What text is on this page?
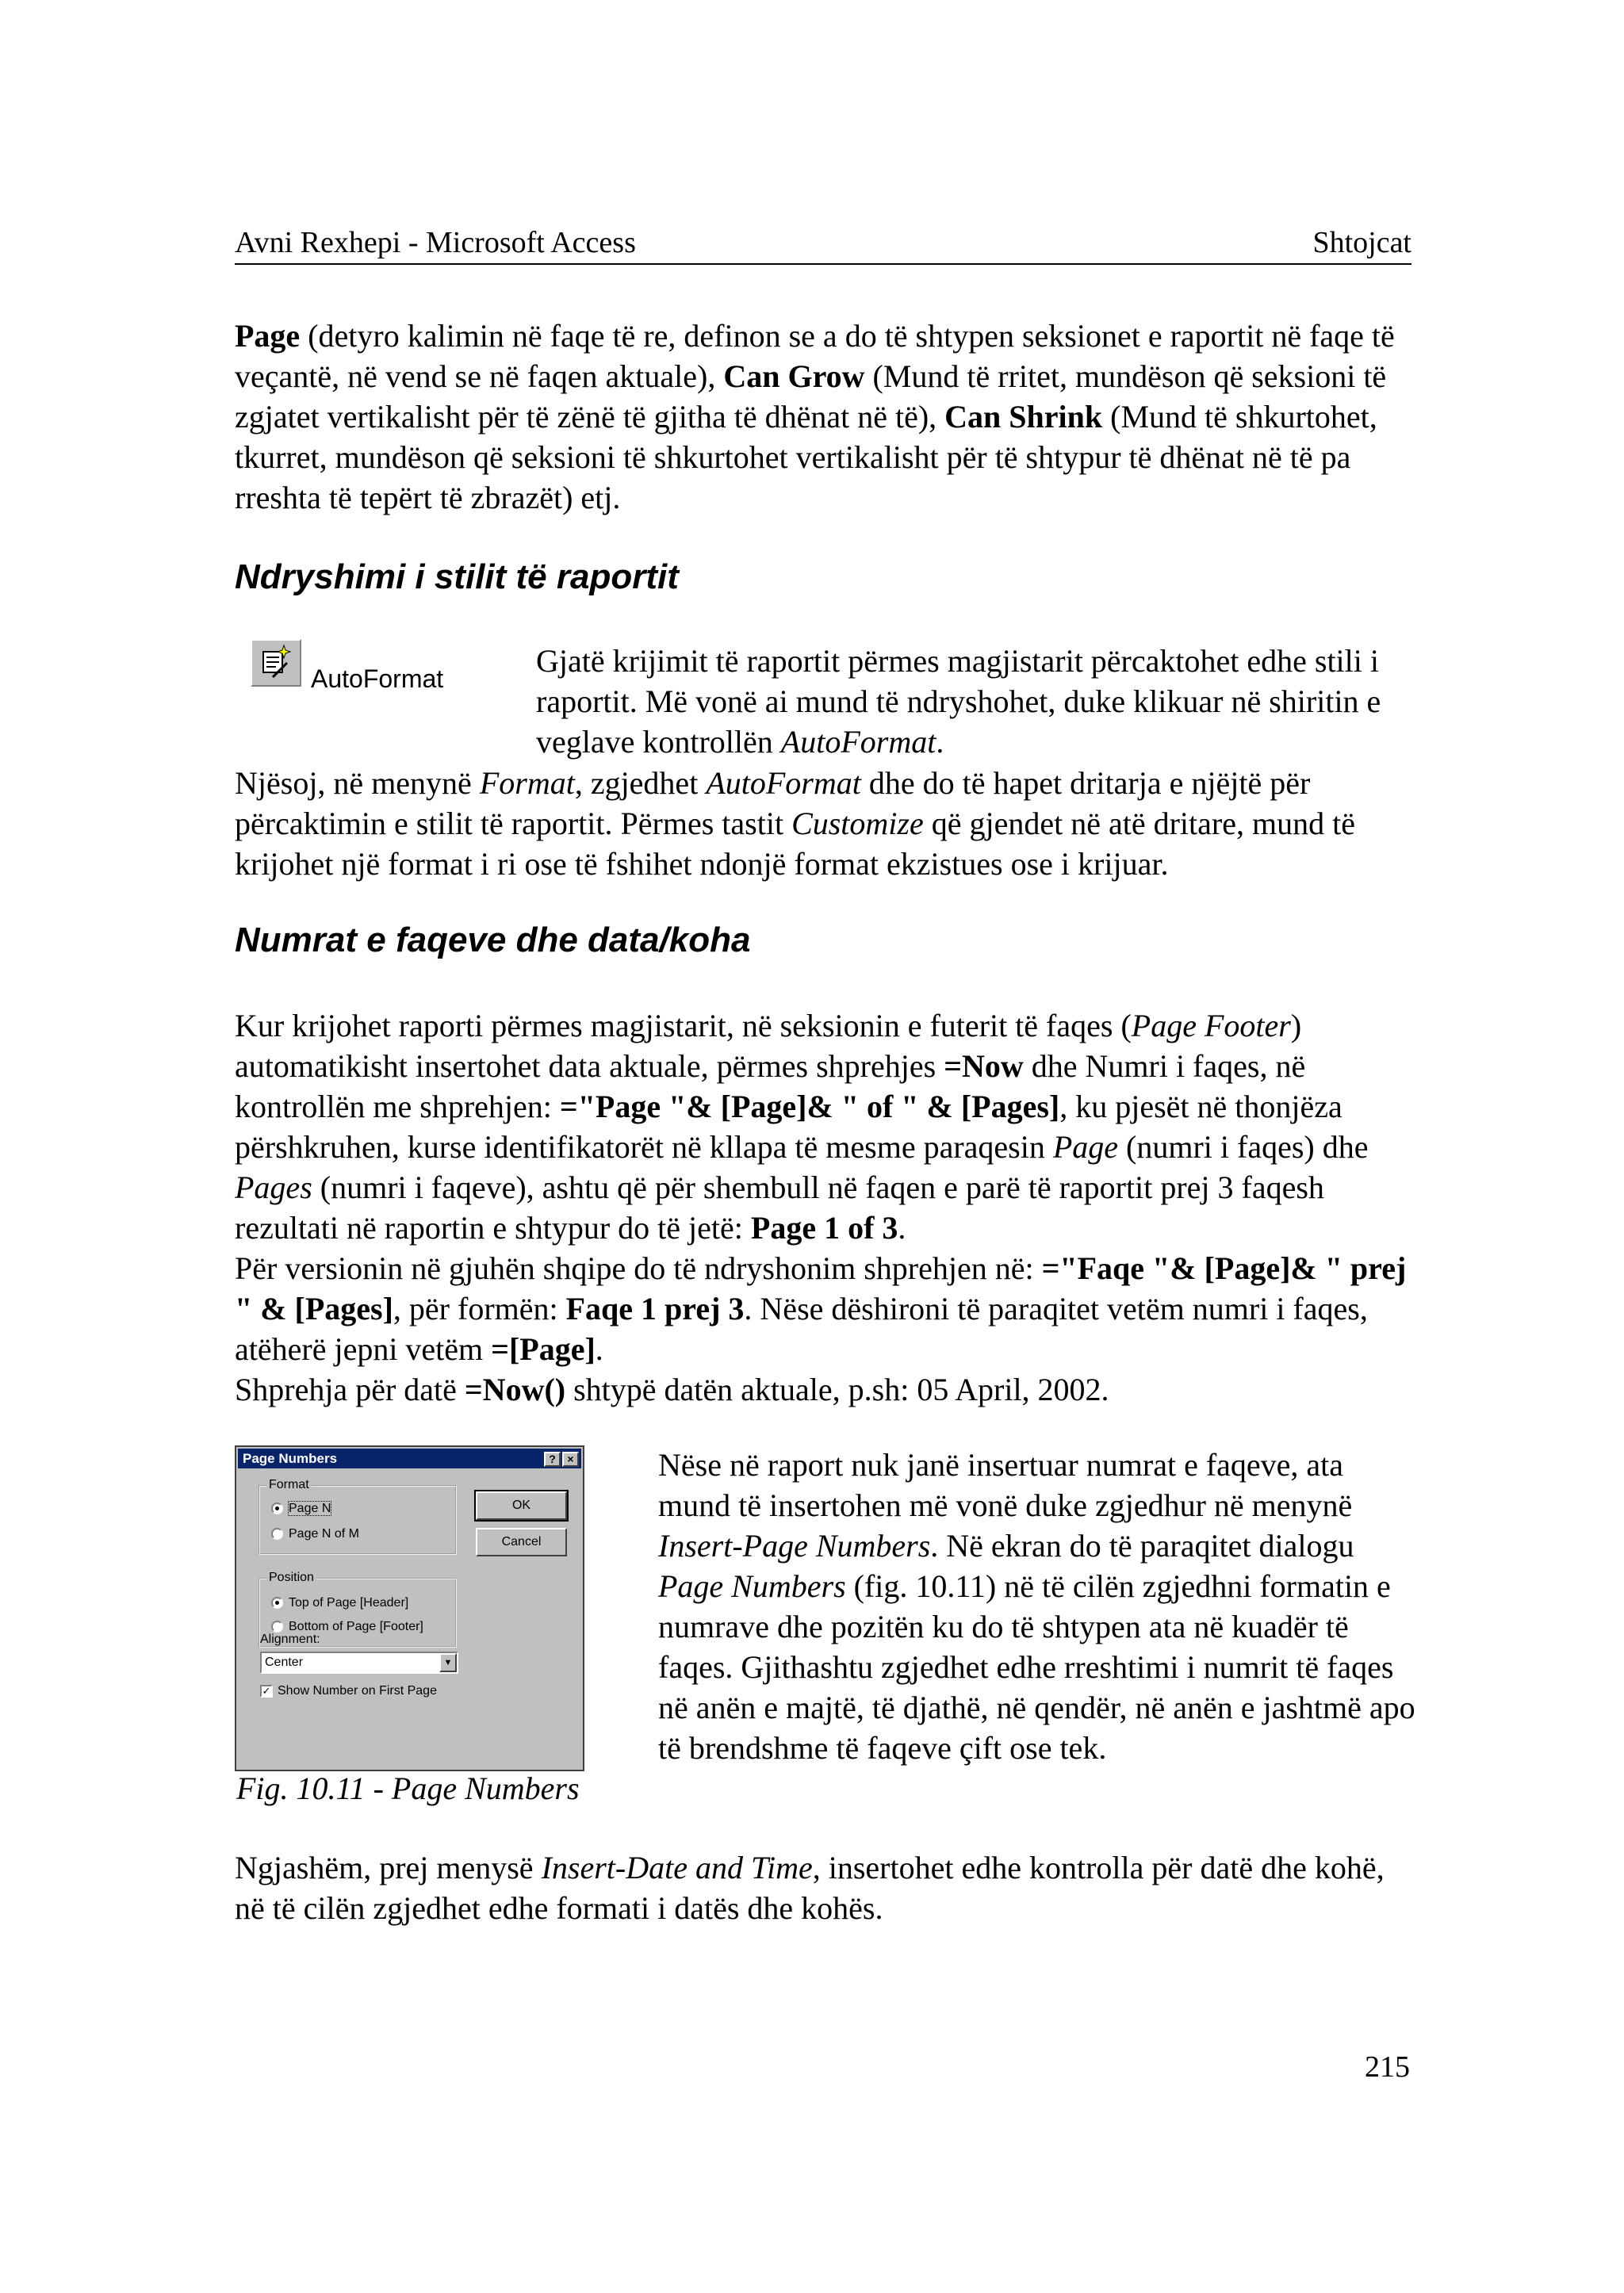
Avni Rexhepi - Microsoft Access	Shtojcat

Page (detyro kalimin në faqe të re, definon se a do të shtypen seksionet e raportit në faqe të veçantë, në vend se në faqen aktuale), Can Grow (Mund të rritet, mundëson që seksioni të zgjatet vertikalisht për të zënë të gjitha të dhënat në të), Can Shrink (Mund të shkurtohet, tkurret, mundëson që seksioni të shkurtohet vertikalisht për të shtypur të dhënat në të pa rreshta të tepërt të zbrazët) etj.

Ndryshimi i stilit të raportit
AutoFormat	Gjatë krijimit të raportit përmes magjistarit përcaktohet edhe stili i raportit. Më vonë ai mund të ndryshohet, duke klikuar në shiritin e veglave kontrollën AutoFormat.

Njësoj, në menynë Format, zgjedhet AutoFormat dhe do të hapet dritarja e njëjtë për përcaktimin e stilit të raportit. Përmes tastit Customize që gjendet në atë dritare, mund të krijohet një format i ri ose të fshihet ndonjë format ekzistues ose i krijuar.

Numrat e faqeve dhe data/koha

Kur krijohet raporti përmes magjistarit, në seksionin e futerit të faqes (Page Footer) automatikisht insertohet data aktuale, përmes shprehjes =Now dhe Numri i faqes, në kontrollën me shprehjen: ="Page "& [Page]& " of " & [Pages], ku pjesët në thonjëza përshkruhen, kurse identifikatorët në kllapa të mesme paraqesin Page (numri i faqes) dhe Pages (numri i faqeve), ashtu që për shembull në faqen e parë të raportit prej 3 faqesh rezultati në raportin e shtypur do të jetë: Page 1 of 3.
Për versionin në gjuhën shqipe do të ndryshonim shprehjen në: ="Faqe "& [Page]& " prej " & [Pages], për formën: Faqe 1 prej 3. Nëse dëshironi të paraqitet vetëm numri i faqes, atëherë jepni vetëm =[Page].
Shprehja për datë =Now() shtypë datën aktuale, p.sh: 05 April, 2002.

Page Numbers	?	×
Format
Page N
Page N of M
Position
Top of Page [Header]
Bottom of Page [Footer]
Alignment:
Center	▼
✓ Show Number on First Page
OK
Cancel
Fig. 10.11 - Page Numbers

Nëse në raport nuk janë insertuar numrat e faqeve, ata mund të insertohen më vonë duke zgjedhur në menynë Insert-Page Numbers. Në ekran do të paraqitet dialogu Page Numbers (fig. 10.11) në të cilën zgjedhni formatin e numrave dhe pozitën ku do të shtypen ata në kuadër të faqes. Gjithashtu zgjedhet edhe rreshtimi i numrit të faqes në anën e majtë, të djathë, në qendër, në anën e jashtmë apo të brendshme të faqeve çift ose tek.

Ngjashëm, prej menysë Insert-Date and Time, insertohet edhe kontrolla për datë dhe kohë, në të cilën zgjedhet edhe formati i datës dhe kohës.

215
